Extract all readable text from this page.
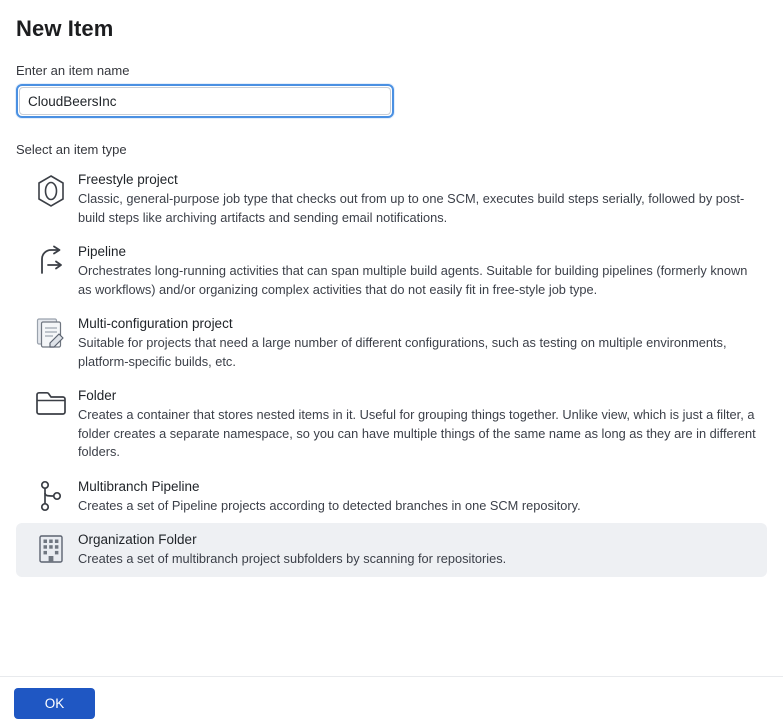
New Item
Enter an item name
CloudBeersInc
Select an item type
Freestyle project
Classic, general-purpose job type that checks out from up to one SCM, executes build steps serially, followed by post-build steps like archiving artifacts and sending email notifications.
Pipeline
Orchestrates long-running activities that can span multiple build agents. Suitable for building pipelines (formerly known as workflows) and/or organizing complex activities that do not easily fit in free-style job type.
Multi-configuration project
Suitable for projects that need a large number of different configurations, such as testing on multiple environments, platform-specific builds, etc.
Folder
Creates a container that stores nested items in it. Useful for grouping things together. Unlike view, which is just a filter, a folder creates a separate namespace, so you can have multiple things of the same name as long as they are in different folders.
Multibranch Pipeline
Creates a set of Pipeline projects according to detected branches in one SCM repository.
Organization Folder
Creates a set of multibranch project subfolders by scanning for repositories.
OK
